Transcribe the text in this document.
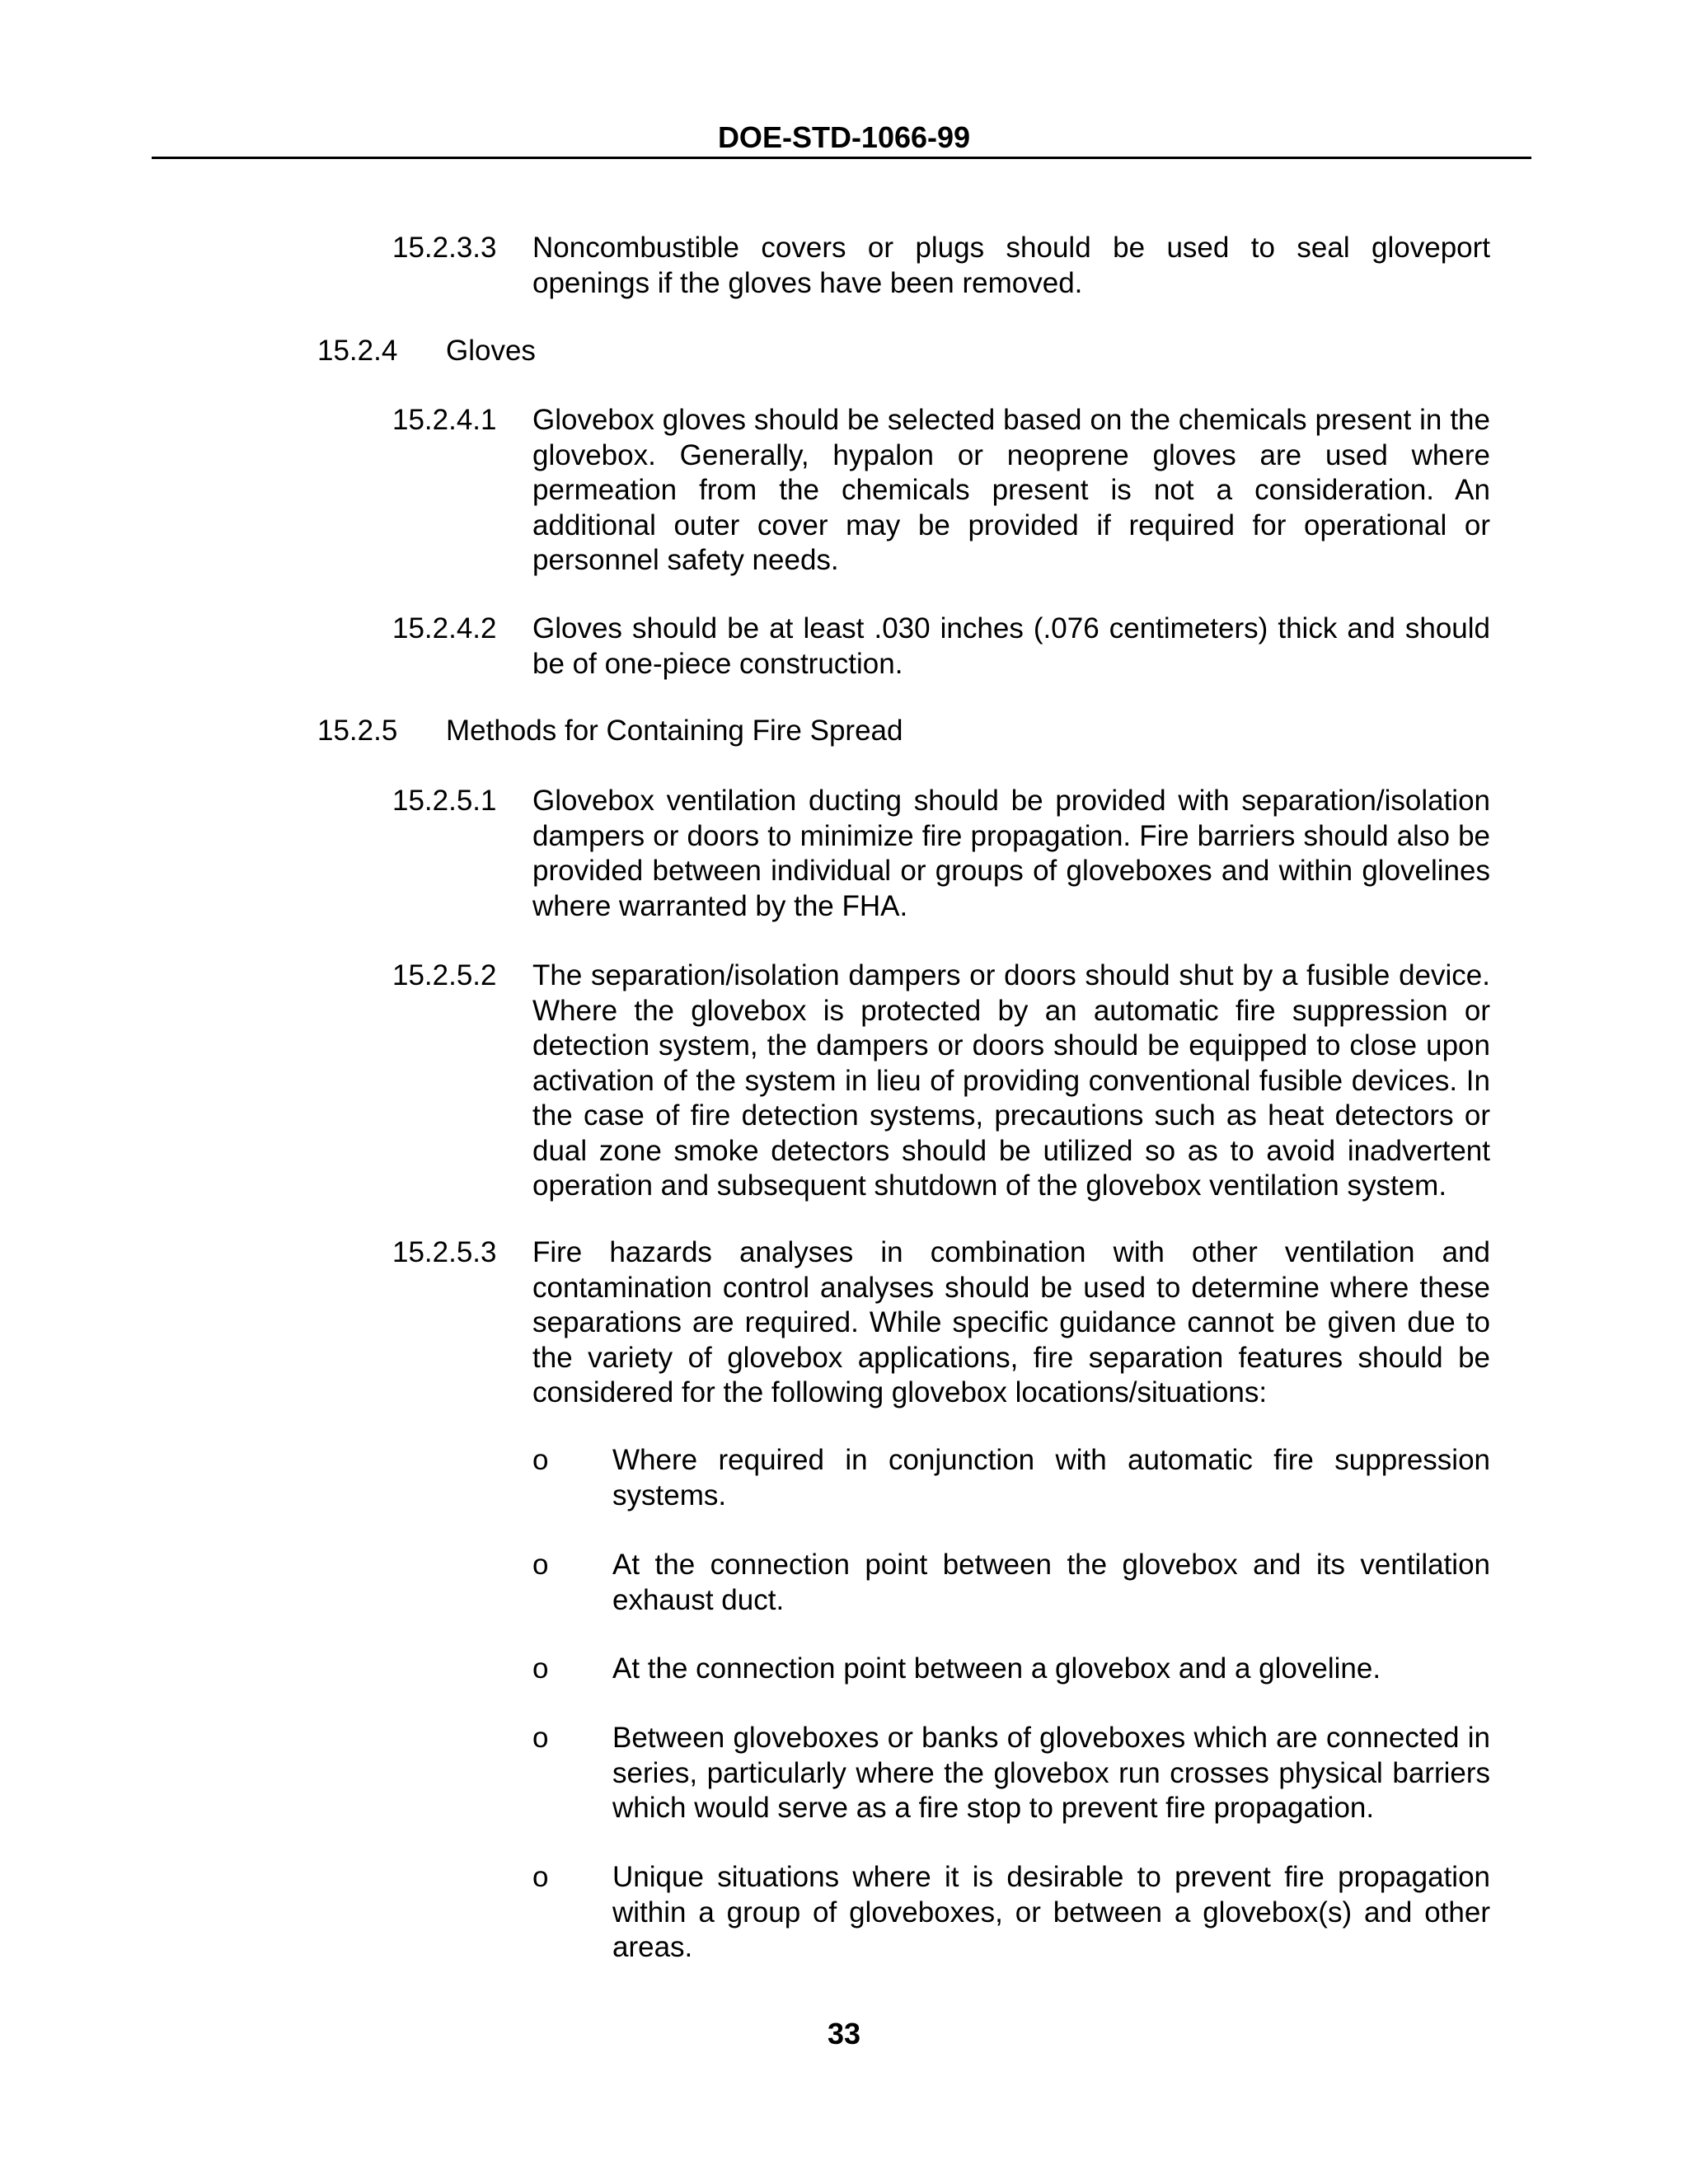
DOE-STD-1066-99
15.2.3.3 Noncombustible covers or plugs should be used to seal gloveport openings if the gloves have been removed.
15.2.4 Gloves
15.2.4.1 Glovebox gloves should be selected based on the chemicals present in the glovebox. Generally, hypalon or neoprene gloves are used where permeation from the chemicals present is not a consideration. An additional outer cover may be provided if required for operational or personnel safety needs.
15.2.4.2 Gloves should be at least .030 inches (.076 centimeters) thick and should be of one-piece construction.
15.2.5 Methods for Containing Fire Spread
15.2.5.1 Glovebox ventilation ducting should be provided with separation/isolation dampers or doors to minimize fire propagation. Fire barriers should also be provided between individual or groups of gloveboxes and within glovelines where warranted by the FHA.
15.2.5.2 The separation/isolation dampers or doors should shut by a fusible device. Where the glovebox is protected by an automatic fire suppression or detection system, the dampers or doors should be equipped to close upon activation of the system in lieu of providing conventional fusible devices. In the case of fire detection systems, precautions such as heat detectors or dual zone smoke detectors should be utilized so as to avoid inadvertent operation and subsequent shutdown of the glovebox ventilation system.
15.2.5.3 Fire hazards analyses in combination with other ventilation and contamination control analyses should be used to determine where these separations are required. While specific guidance cannot be given due to the variety of glovebox applications, fire separation features should be considered for the following glovebox locations/situations:
o Where required in conjunction with automatic fire suppression systems.
o At the connection point between the glovebox and its ventilation exhaust duct.
o At the connection point between a glovebox and a gloveline.
o Between gloveboxes or banks of gloveboxes which are connected in series, particularly where the glovebox run crosses physical barriers which would serve as a fire stop to prevent fire propagation.
o Unique situations where it is desirable to prevent fire propagation within a group of gloveboxes, or between a glovebox(s) and other areas.
33
